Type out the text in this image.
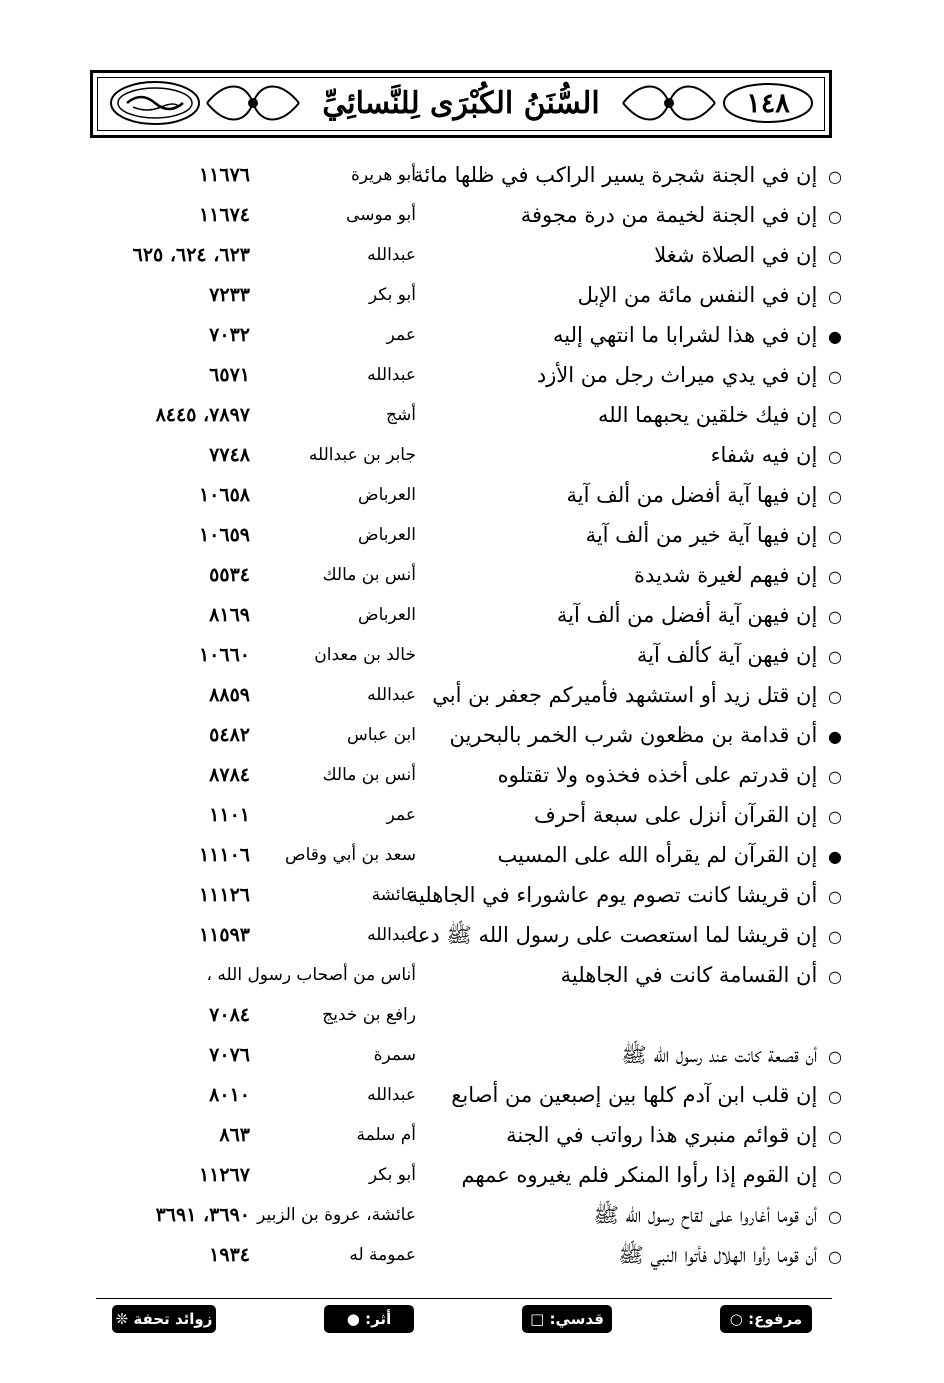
السُّنَنُ الكُبْرَى لِلنَّسائِيِّ	١٤٨
○ إن في الجنة شجرة يسير الراكب في ظلها مائة
أبو هريرة
١١٦٧٦
○ إن في الجنة لخيمة من درة مجوفة
أبو موسى
١١٦٧٤
○ إن في الصلاة شغلا
عبدالله
٦٢٣، ٦٢٤، ٦٢٥
○ إن في النفس مائة من الإبل
أبو بكر
٧٢٣٣
● إن في هذا لشرابا ما انتهي إليه
عمر
٧٠٣٢
○ إن في يدي ميراث رجل من الأزد
عبدالله
٦٥٧١
○ إن فيك خلقين يحبهما الله
أشج
٧٨٩٧، ٨٤٤٥
○ إن فيه شفاء
جابر بن عبدالله
٧٧٤٨
○ إن فيها آية أفضل من ألف آية
العرباض
١٠٦٥٨
○ إن فيها آية خير من ألف آية
العرباض
١٠٦٥٩
○ إن فيهم لغيرة شديدة
أنس بن مالك
٥٥٣٤
○ إن فيهن آية أفضل من ألف آية
العرباض
٨١٦٩
○ إن فيهن آية كألف آية
خالد بن معدان
١٠٦٦٠
○ إن قتل زيد أو استشهد فأميركم جعفر بن أبي
عبدالله
٨٨٥٩
● أن قدامة بن مظعون شرب الخمر بالبحرين
ابن عباس
٥٤٨٢
○ إن قدرتم على أخذه فخذوه ولا تقتلوه
أنس بن مالك
٨٧٨٤
○ إن القرآن أنزل على سبعة أحرف
عمر
١١٠١
● إن القرآن لم يقرأه الله على المسيب
سعد بن أبي وقاص
١١١٠٦
○ أن قريشا كانت تصوم يوم عاشوراء في الجاهلية
عائشة
١١١٢٦
○ إن قريشا لما استعصت على رسول الله ﷺ دعا
عبدالله
١١٥٩٣
○ أن القسامة كانت في الجاهلية
أناس من أصحاب رسول الله ،
رافع بن خديج
٧٠٨٤
○ أن قصعة كانت عند رسول الله ﷺ
سمرة
٧٠٧٦
○ إن قلب ابن آدم كلها بين إصبعين من أصابع
عبدالله
٨٠١٠
○ إن قوائم منبري هذا رواتب في الجنة
أم سلمة
٨٦٣
○ إن القوم إذا رأوا المنكر فلم يغيروه عمهم
أبو بكر
١١٢٦٧
○ أن قوما أغاروا على لقاح رسول الله ﷺ
عائشة، عروة بن الزبير
٣٦٩٠، ٣٦٩١
○ أن قوما رأوا الهلال فأتوا النبي ﷺ
عمومة له
١٩٣٤
مرفوع: ○
قدسي: □
أثر: ●
زوائد تحفة ❊
